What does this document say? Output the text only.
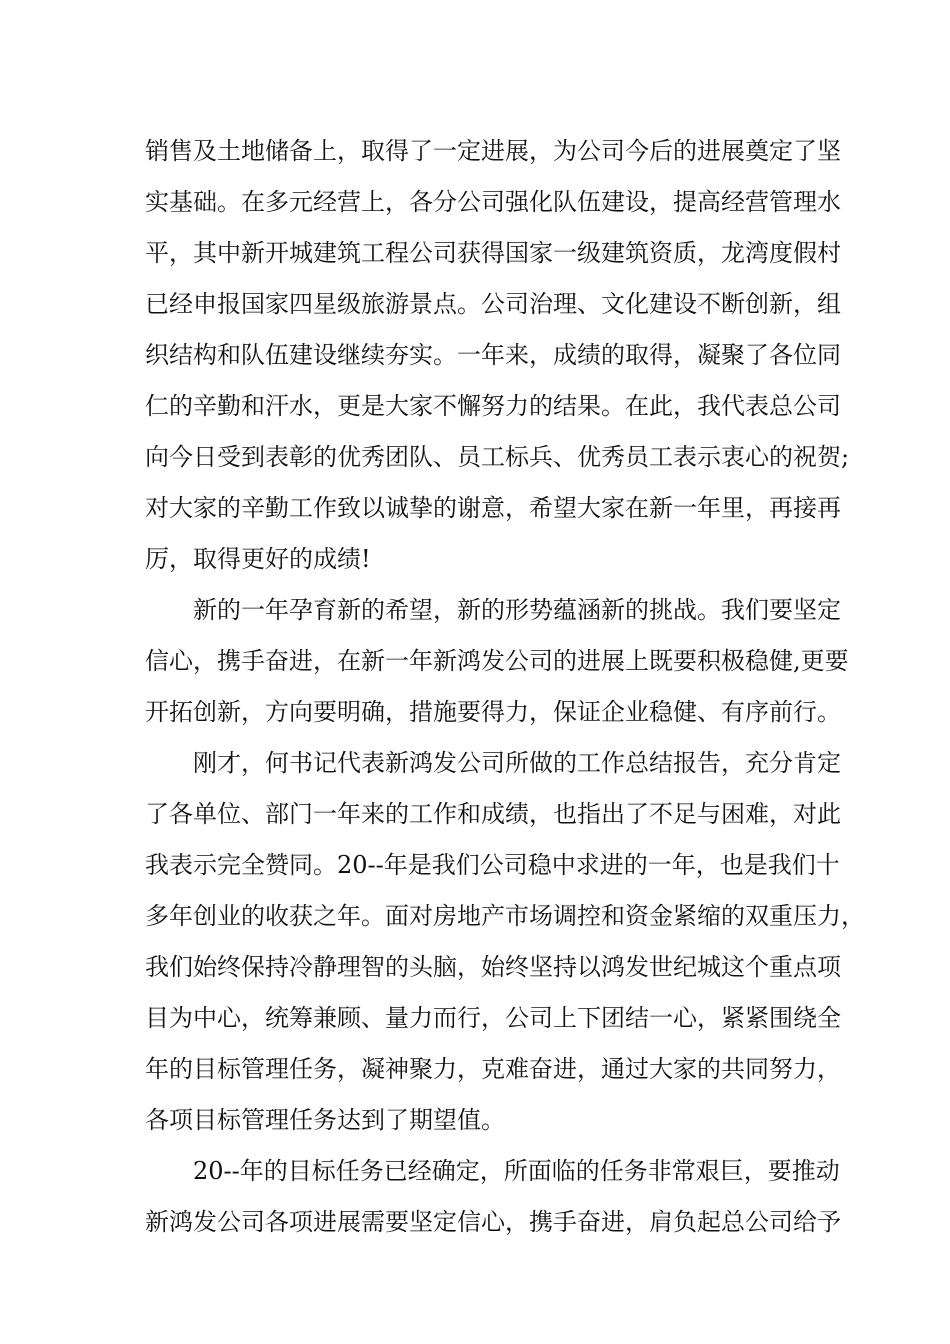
销售及土地储备上，取得了一定进展，为公司今后的进展奠定了坚
实基础。在多元经营上，各分公司强化队伍建设，提高经营管理水
平，其中新开城建筑工程公司获得国家一级建筑资质，龙湾度假村
已经申报国家四星级旅游景点。公司治理、文化建设不断创新，组
织结构和队伍建设继续夯实。一年来，成绩的取得，凝聚了各位同
仁的辛勤和汗水，更是大家不懈努力的结果。在此，我代表总公司
向今日受到表彰的优秀团队、员工标兵、优秀员工表示衷心的祝贺;
对大家的辛勤工作致以诚挚的谢意，希望大家在新一年里，再接再
厉，取得更好的成绩!
新的一年孕育新的希望，新的形势蕴涵新的挑战。我们要坚定
信心，携手奋进，在新一年新鸿发公司的进展上既要积极稳健,更要
开拓创新，方向要明确，措施要得力，保证企业稳健、有序前行。
刚才，何书记代表新鸿发公司所做的工作总结报告，充分肯定
了各单位、部门一年来的工作和成绩，也指出了不足与困难，对此
我表示完全赞同。20--年是我们公司稳中求进的一年，也是我们十
多年创业的收获之年。面对房地产市场调控和资金紧缩的双重压力，
我们始终保持冷静理智的头脑，始终坚持以鸿发世纪城这个重点项
目为中心，统筹兼顾、量力而行，公司上下团结一心，紧紧围绕全
年的目标管理任务，凝神聚力，克难奋进，通过大家的共同努力，
各项目标管理任务达到了期望值。
20--年的目标任务已经确定，所面临的任务非常艰巨，要推动
新鸿发公司各项进展需要坚定信心，携手奋进，肩负起总公司给予
